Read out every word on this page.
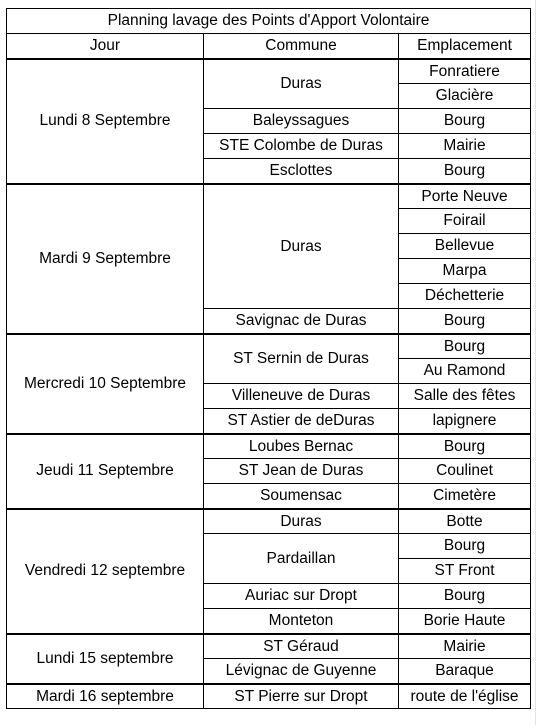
Planning lavage des Points d'Apport Volontaire		
Jour	Commune	Emplacement
Lundi 8 Septembre	Duras	Fonratiere
		Glacière
	Baleyssagues	Bourg
	STE Colombe de Duras	Mairie
	Esclottes	Bourg
Mardi 9 Septembre	Duras	Porte Neuve
		Foirail
		Bellevue
		Marpa
		Déchetterie
	Savignac de Duras	Bourg
Mercredi 10 Septembre	ST Sernin de Duras	Bourg
		Au Ramond
	Villeneuve de Duras	Salle des fêtes
	ST Astier de deDuras	lapignere
Jeudi 11 Septembre	Loubes Bernac	Bourg
	ST Jean de Duras	Coulinet
	Soumensac	Cimetère
Vendredi 12 septembre	Duras	Botte
	Pardaillan	Bourg
		ST Front
	Auriac sur Dropt	Bourg
	Monteton	Borie Haute
Lundi 15 septembre	ST Géraud	Mairie
	Lévignac de Guyenne	Baraque
Mardi 16 septembre	ST Pierre sur Dropt	route de l'église
